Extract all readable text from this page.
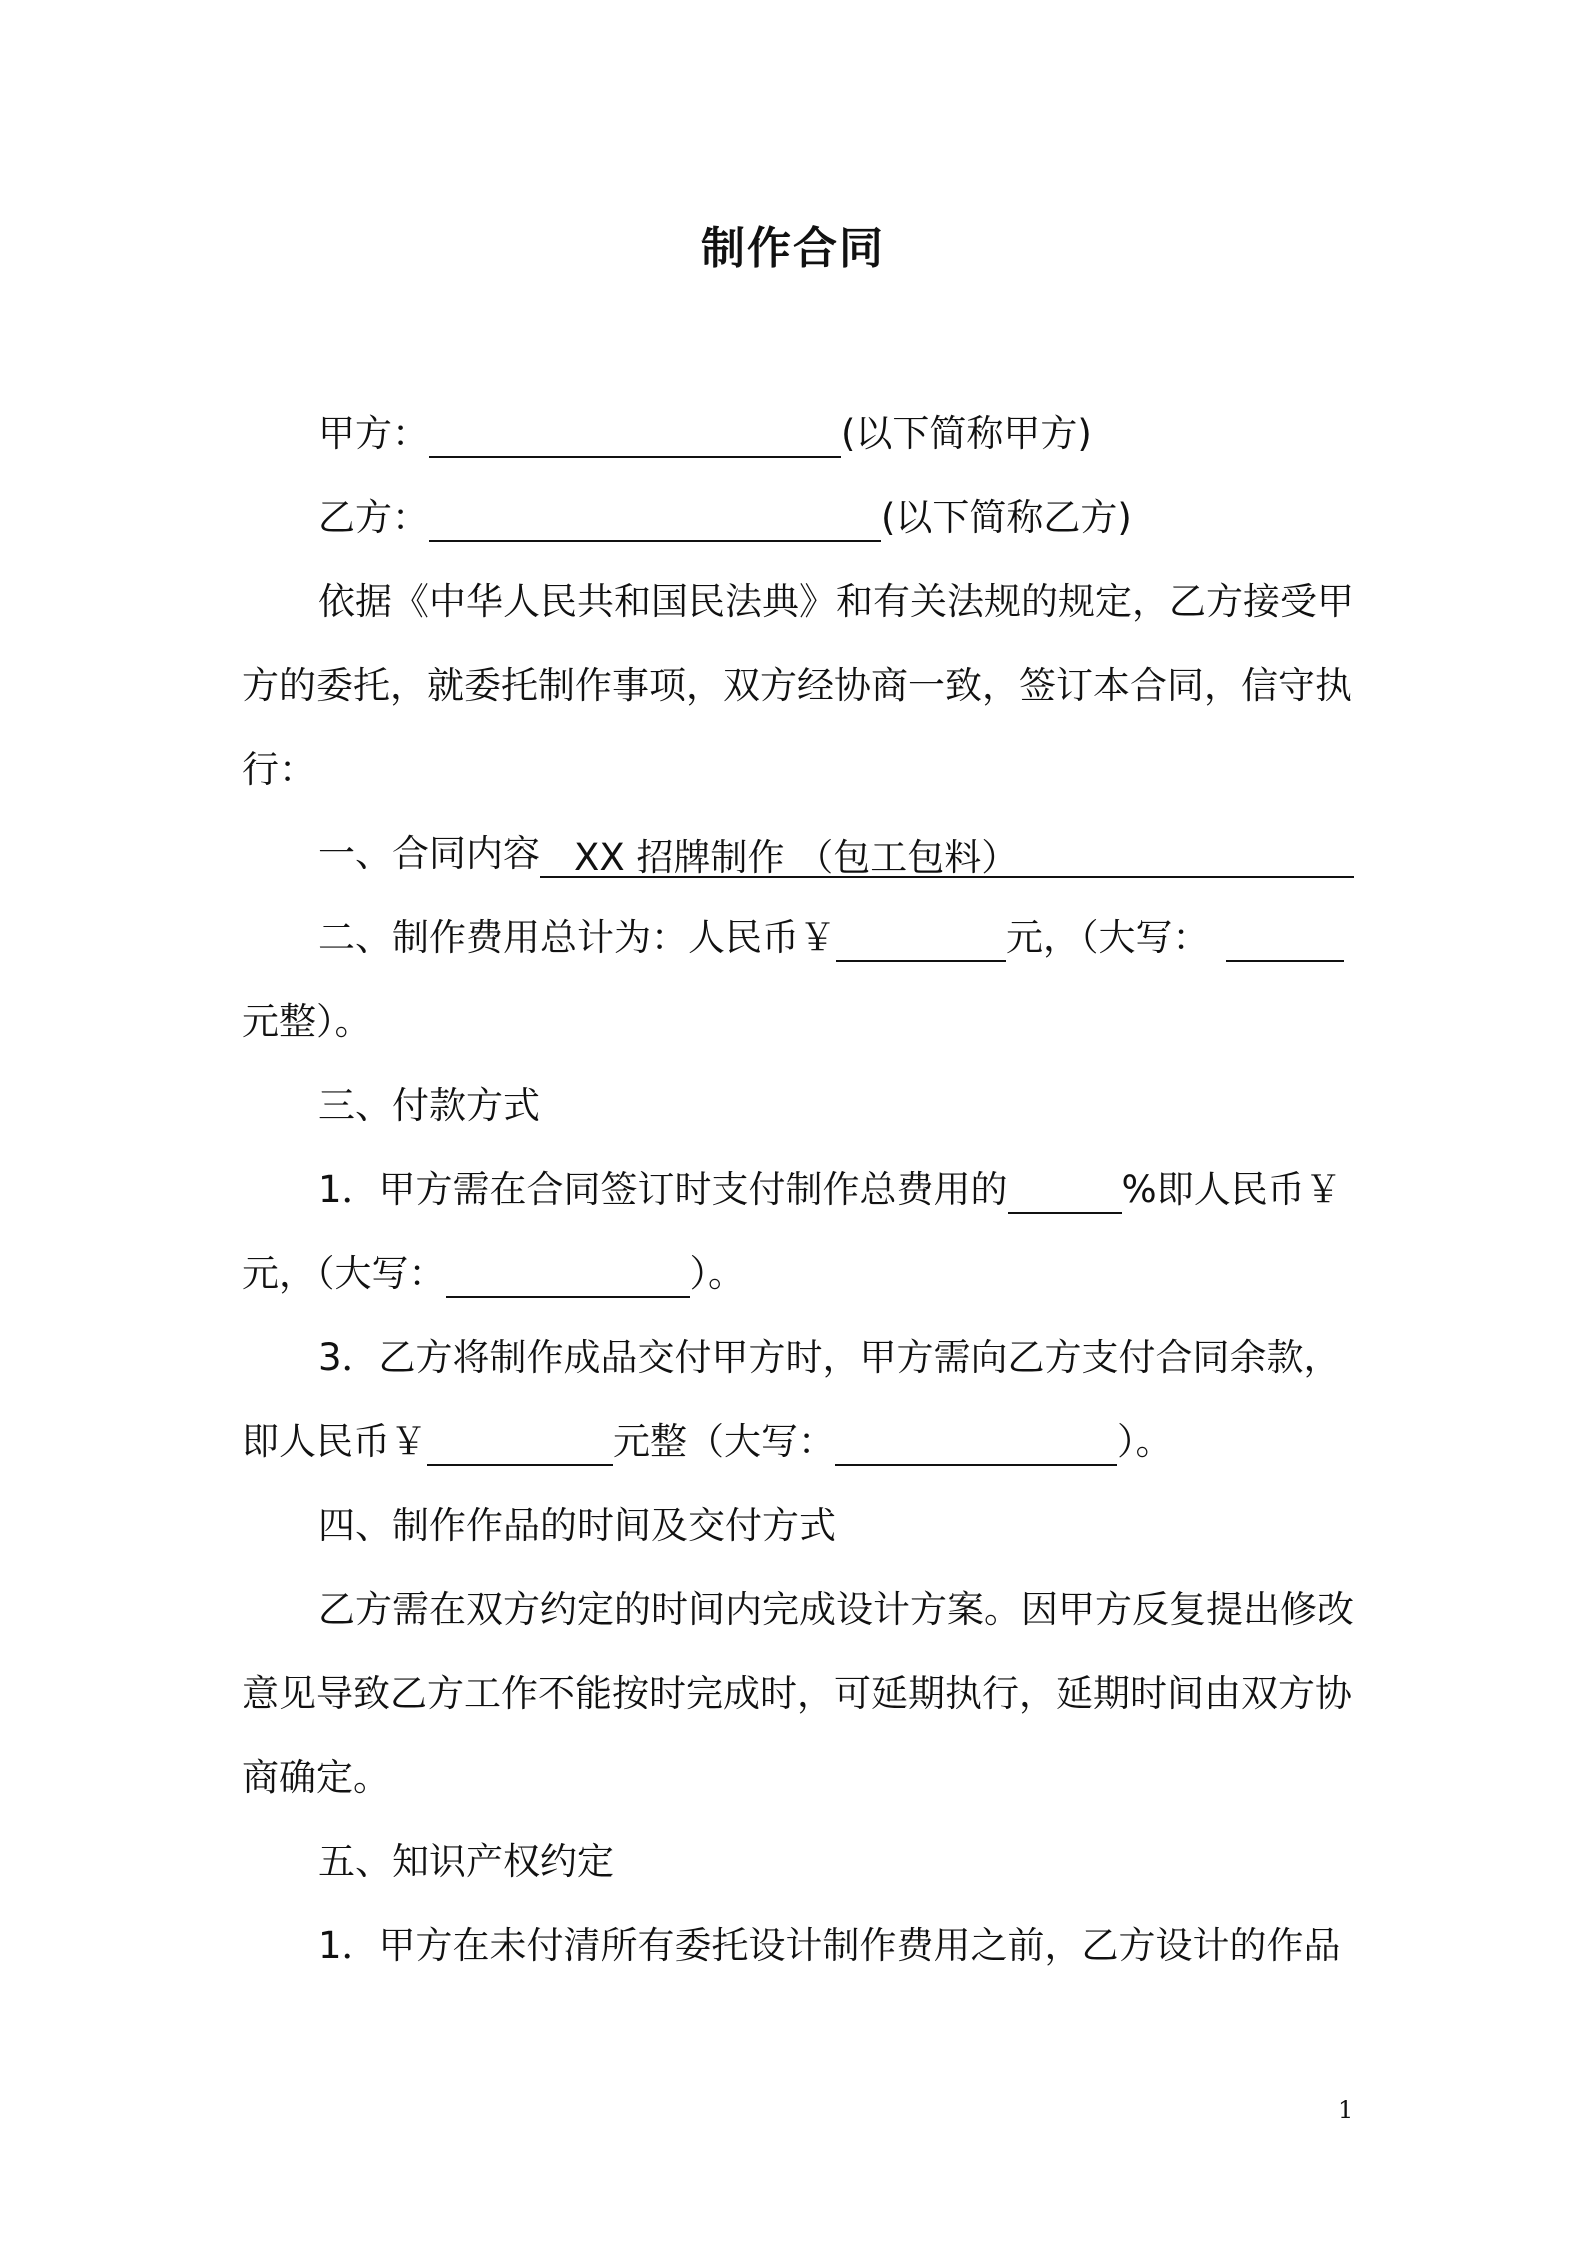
制作合同
甲方：	(以下简称甲方)
乙方：	(以下简称乙方)
依据《中华人民共和国民法典》和有关法规的规定，乙方接受甲
方的委托，就委托制作事项，双方经协商一致，签订本合同，信守执
行：
一、合同内容 XX 招牌制作 （包工包料）
二、制作费用总计为：人民币￥	元，（大写：
元整）。
三、付款方式
1．甲方需在合同签订时支付制作总费用的	%即人民币￥
元，（大写：	）。
3．乙方将制作成品交付甲方时，甲方需向乙方支付合同余款，
即人民币￥	元整（大写：	）。
四、制作作品的时间及交付方式
乙方需在双方约定的时间内完成设计方案。因甲方反复提出修改
意见导致乙方工作不能按时完成时，可延期执行，延期时间由双方协
商确定。
五、知识产权约定
1．甲方在未付清所有委托设计制作费用之前，乙方设计的作品
1
